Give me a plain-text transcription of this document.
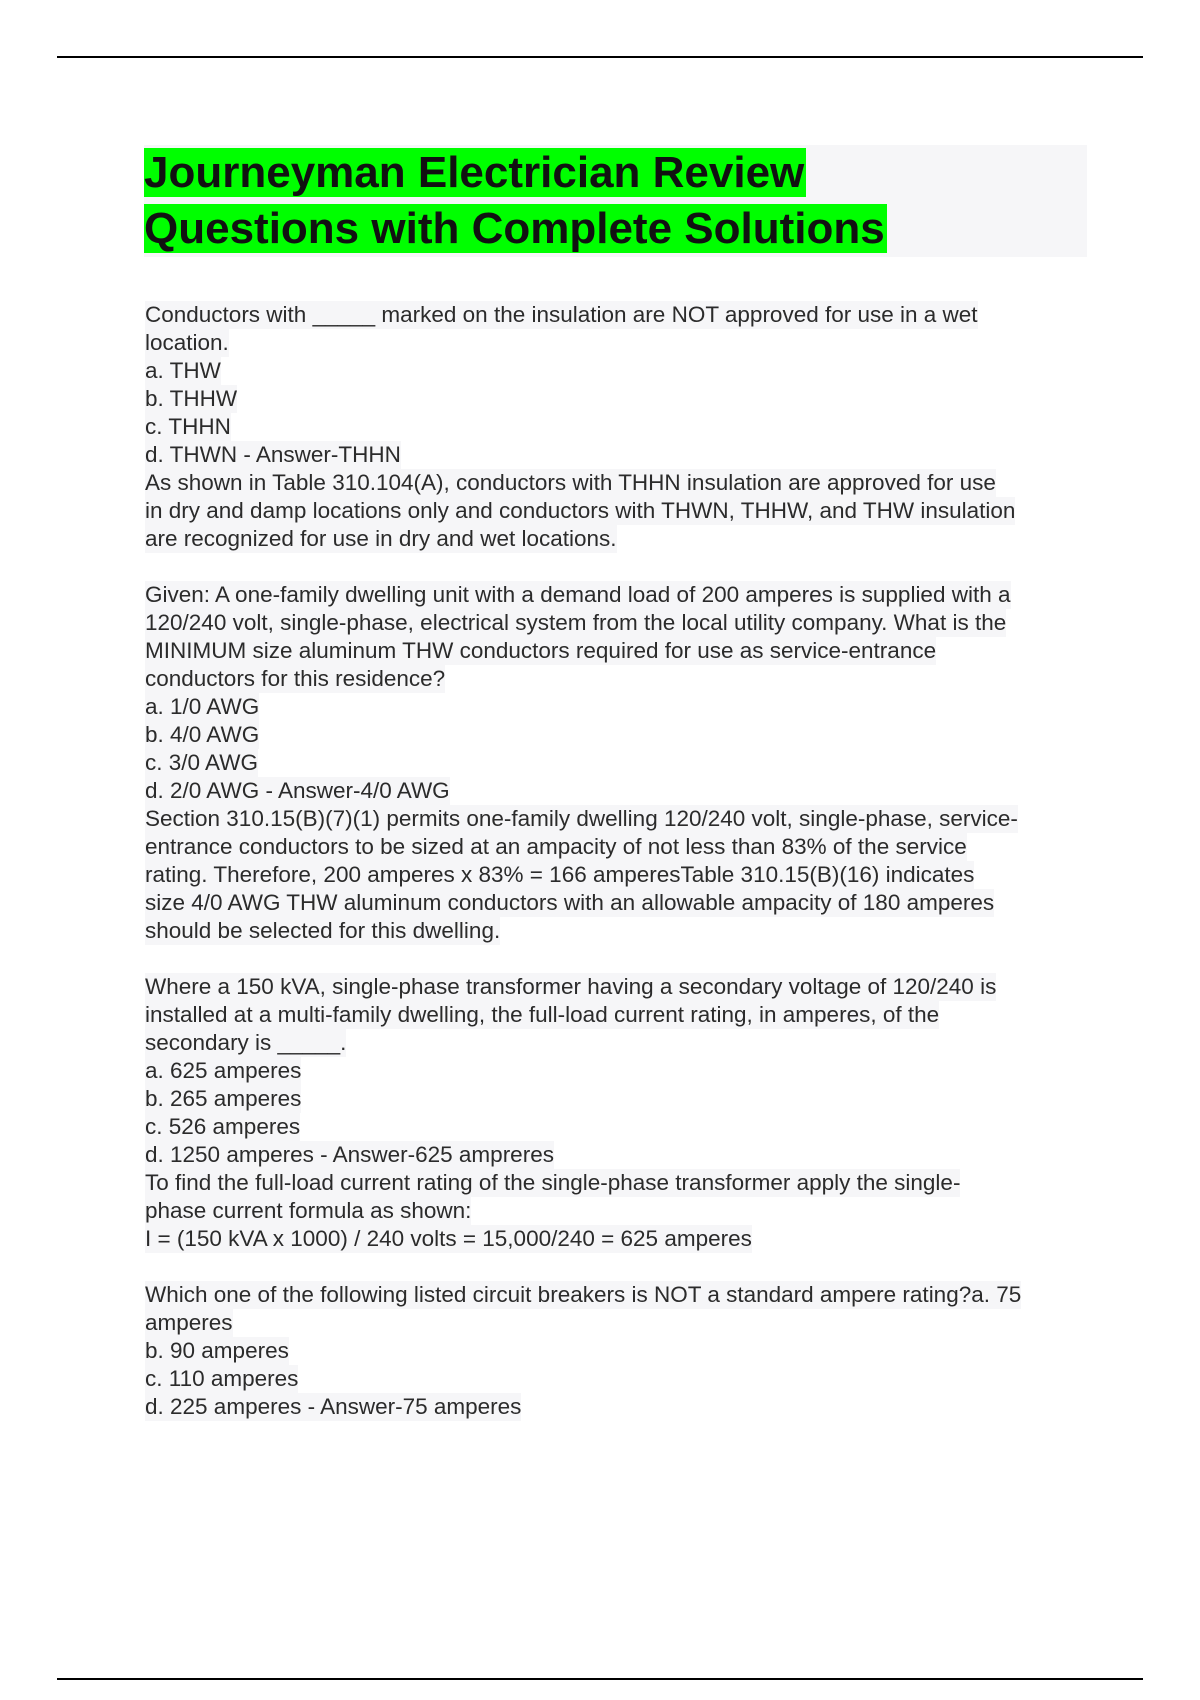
Journeyman Electrician Review
Questions with Complete Solutions
Conductors with _____ marked on the insulation are NOT approved for use in a wet
location.
a. THW
b. THHW
c. THHN
d. THWN - Answer-THHN
As shown in Table 310.104(A), conductors with THHN insulation are approved for use
in dry and damp locations only and conductors with THWN, THHW, and THW insulation
are recognized for use in dry and wet locations.
Given: A one-family dwelling unit with a demand load of 200 amperes is supplied with a
120/240 volt, single-phase, electrical system from the local utility company. What is the
MINIMUM size aluminum THW conductors required for use as service-entrance
conductors for this residence?
a. 1/0 AWG
b. 4/0 AWG
c. 3/0 AWG
d. 2/0 AWG - Answer-4/0 AWG
Section 310.15(B)(7)(1) permits one-family dwelling 120/240 volt, single-phase, service-
entrance conductors to be sized at an ampacity of not less than 83% of the service
rating. Therefore, 200 amperes x 83% = 166 amperesTable 310.15(B)(16) indicates
size 4/0 AWG THW aluminum conductors with an allowable ampacity of 180 amperes
should be selected for this dwelling.
Where a 150 kVA, single-phase transformer having a secondary voltage of 120/240 is
installed at a multi-family dwelling, the full-load current rating, in amperes, of the
secondary is _____.
a. 625 amperes
b. 265 amperes
c. 526 amperes
d. 1250 amperes - Answer-625 ampreres
To find the full-load current rating of the single-phase transformer apply the single-
phase current formula as shown:
I = (150 kVA x 1000) / 240 volts = 15,000/240 = 625 amperes
Which one of the following listed circuit breakers is NOT a standard ampere rating?a. 75
amperes
b. 90 amperes
c. 110 amperes
d. 225 amperes - Answer-75 amperes
